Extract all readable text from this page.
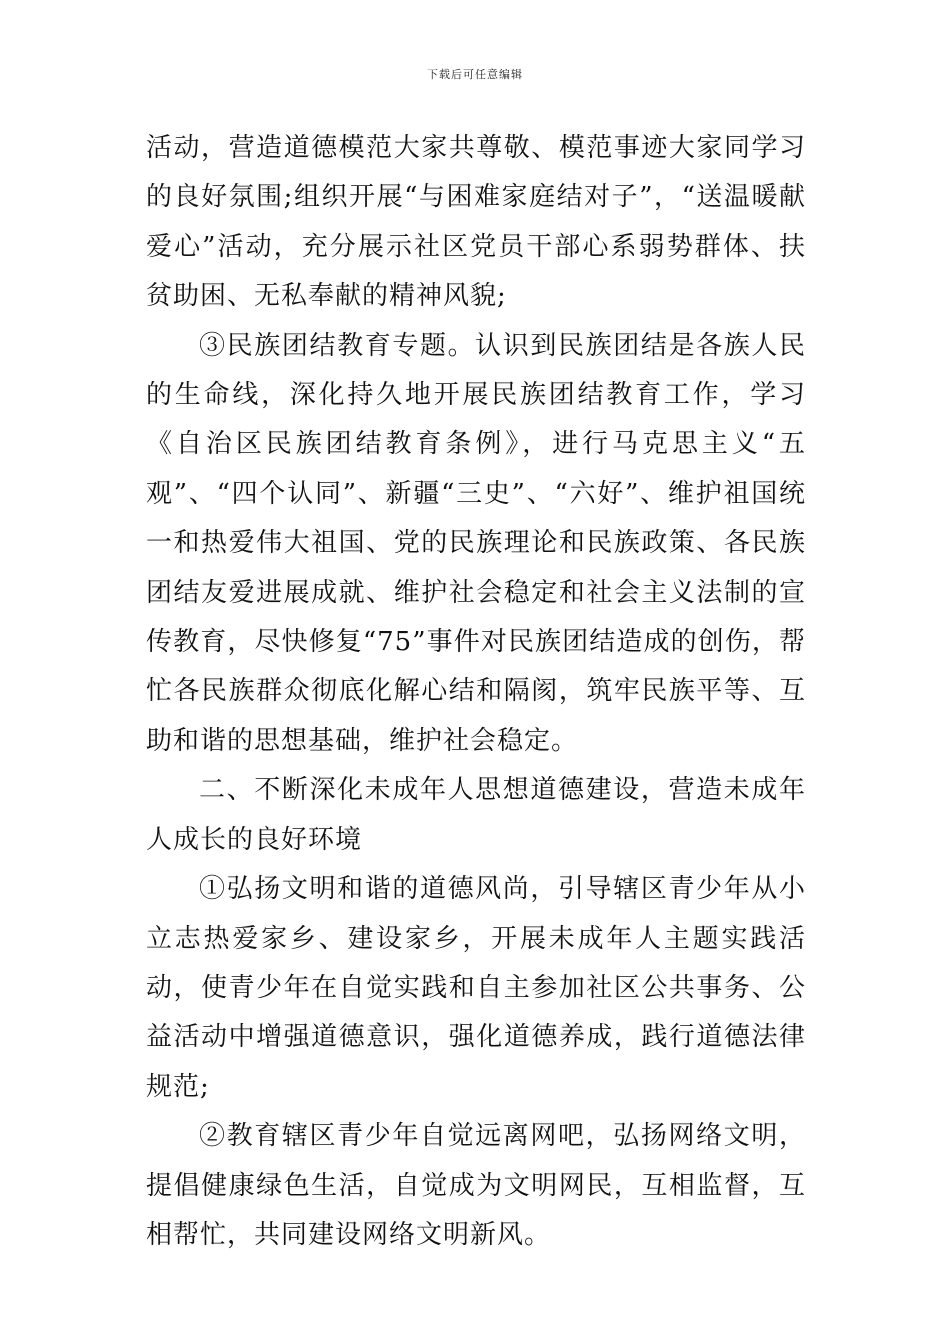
下载后可任意编辑

活动，营造道德模范大家共尊敬、模范事迹大家同学习的良好氛围;组织开展“与困难家庭结对子”，“送温暖献爱心”活动，充分展示社区党员干部心系弱势群体、扶贫助困、无私奉献的精神风貌;

③民族团结教育专题。认识到民族团结是各族人民的生命线，深化持久地开展民族团结教育工作，学习《自治区民族团结教育条例》，进行马克思主义“五观”、“四个认同”、新疆“三史”、“六好”、维护祖国统一和热爱伟大祖国、党的民族理论和民族政策、各民族团结友爱进展成就、维护社会稳定和社会主义法制的宣传教育，尽快修复“75”事件对民族团结造成的创伤，帮忙各民族群众彻底化解心结和隔阂，筑牢民族平等、互助和谐的思想基础，维护社会稳定。

二、不断深化未成年人思想道德建设，营造未成年人成长的良好环境

①弘扬文明和谐的道德风尚，引导辖区青少年从小立志热爱家乡、建设家乡，开展未成年人主题实践活动，使青少年在自觉实践和自主参加社区公共事务、公益活动中增强道德意识，强化道德养成，践行道德法律规范;

②教育辖区青少年自觉远离网吧，弘扬网络文明，提倡健康绿色生活，自觉成为文明网民，互相监督，互相帮忙，共同建设网络文明新风。
